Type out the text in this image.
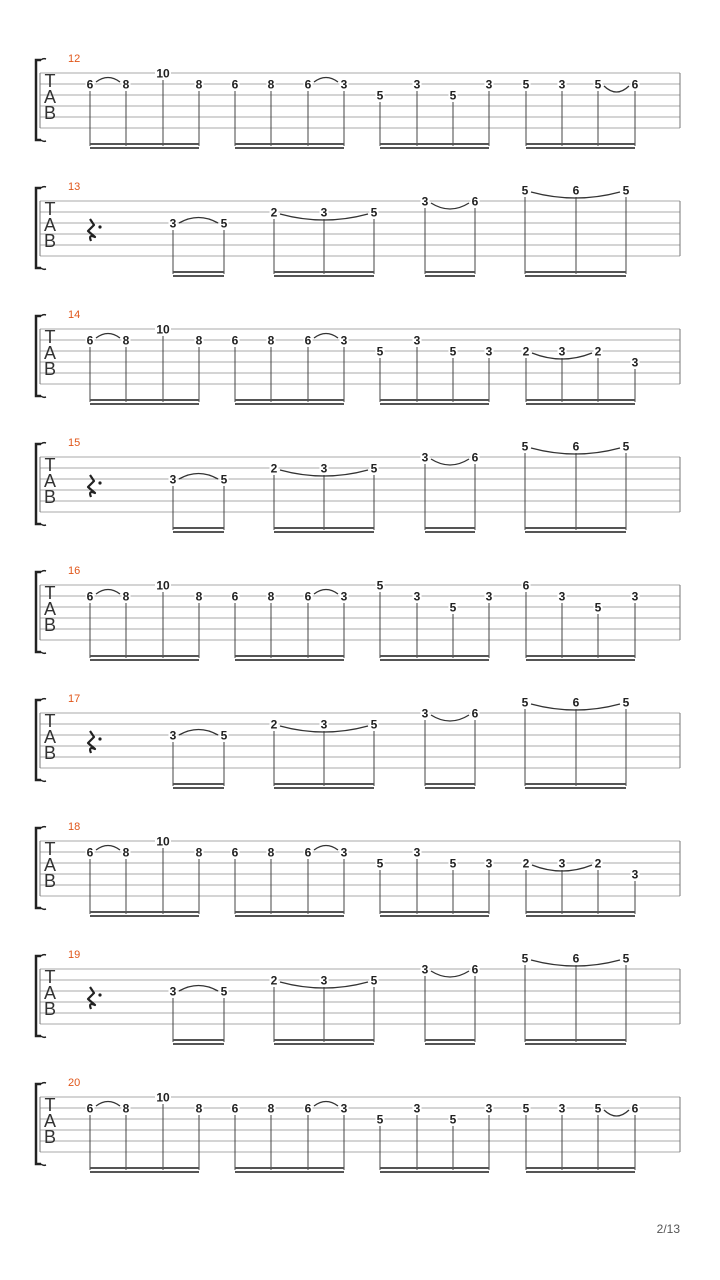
T
A
B
12
6 8
10
8 6 8	6 3
5
3
5
3	5 3 5	6
T
A
B
13
3	5
2	3	5
3	6
5	6	5
T
A
B
14
6 8
10
8 6 8	6 3
5
3
5 3	2 3 2
3
T
A
B
15
3	5
2	3	5
3	6
5	6	5
T
A
B
16
6 8
10
8 6 8	6 3
5
3
5
3
6
3
5
3
T
A
B
17
3	5
2	3	5
3	6
5	6	5
T
A
B
18
6 8
10
8 6 8	6 3
5
3
5 3	2 3 2
3
T
A
B
19
3	5
2	3	5
3	6
5	6	5
T
A
B
20
6 8
10
8 6 8	6 3
5
3
5
3	5 3 5	6
2/13
